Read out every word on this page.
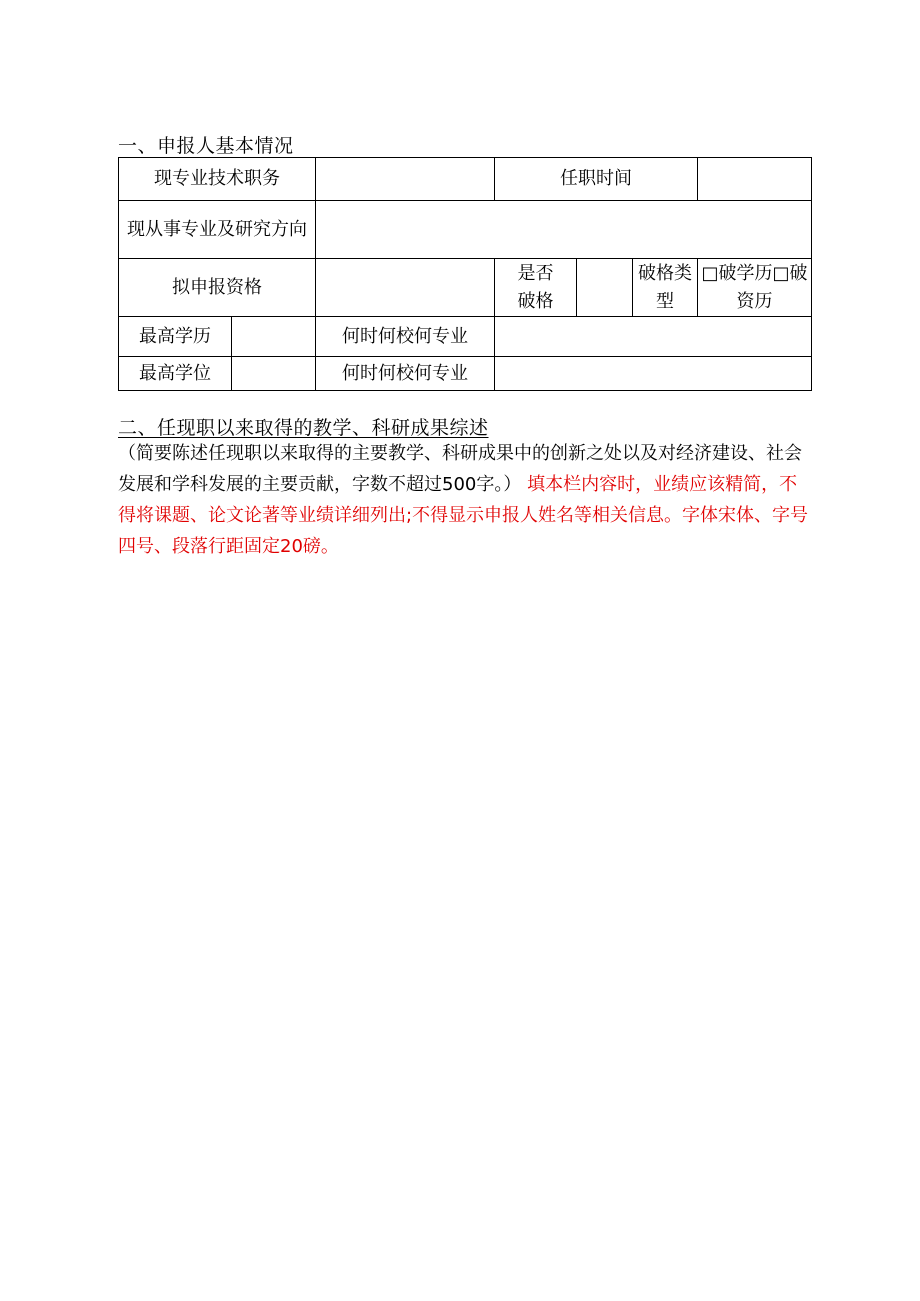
一、申报人基本情况
现专业技术职务			任职时间			
现从事专业及研究方向						
拟申报资格			是否破格		破格类型	□破学历□破资历
最高学历		何时何校何专业				
最高学位		何时何校何专业				
二、任现职以来取得的教学、科研成果综述
（简要陈述任现职以来取得的主要教学、科研成果中的创新之处以及对经济建设、社会发展和学科发展的主要贡献，字数不超过500字。） 填本栏内容时，业绩应该精简，不得将课题、论文论著等业绩详细列出;不得显示申报人姓名等相关信息。字体宋体、字号四号、段落行距固定20磅。
